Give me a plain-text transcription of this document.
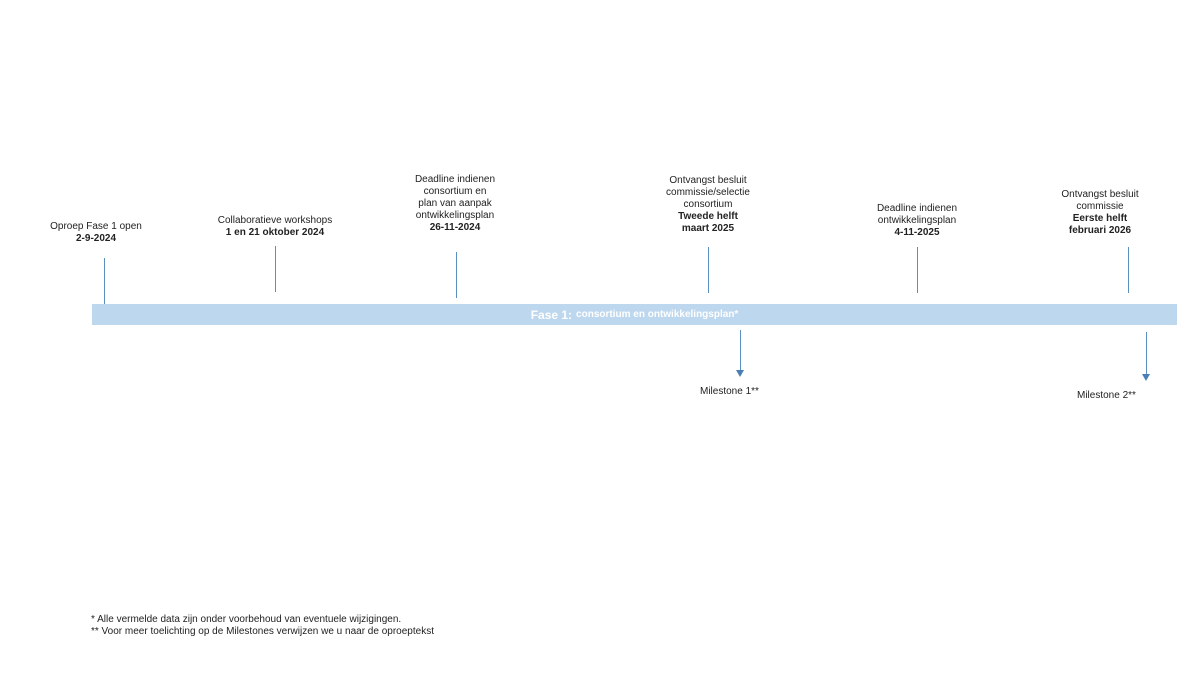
Oproep Fase 1 open
2-9-2024
Collaboratieve workshops
1 en 21 oktober 2024
Deadline indienen
consortium en
plan van aanpak
ontwikkelingsplan
26-11-2024
Ontvangst besluit
commissie/selectie
consortium
Tweede helft
maart 2025
Deadline indienen
ontwikkelingsplan
4-11-2025
Ontvangst besluit
commissie
Eerste helft
februari 2026
Fase 1: consortium en ontwikkelingsplan*
Milestone 1**	Milestone 2**
* Alle vermelde data zijn onder voorbehoud van eventuele wijzigingen.
** Voor meer toelichting op de Milestones verwijzen we u naar de oproeptekst
